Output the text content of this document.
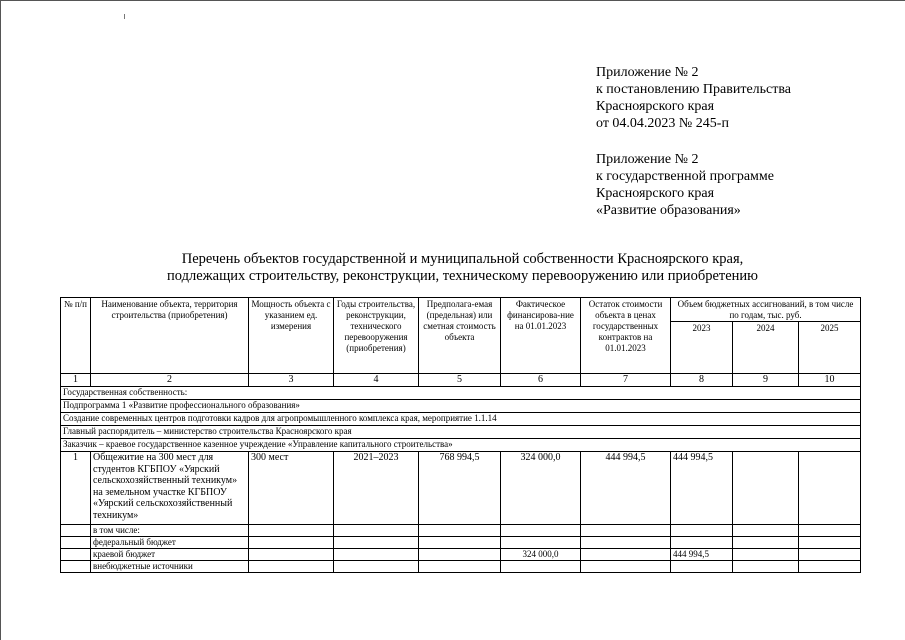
Приложение № 2
к постановлению Правительства
Красноярского края
от 04.04.2023 № 245-п
Приложение № 2
к государственной программе
Красноярского края
«Развитие образования»
Перечень объектов государственной и муниципальной собственности Красноярского края,
подлежащих строительству, реконструкции, техническому перевооружению или приобретению
№ п/п	Наименование объекта, территория строительства (приобретения)	Мощность объекта с указанием ед. измерения	Годы строительства, реконструкции, технического перевооружения (приобретения)	Предполага-емая (предельная) или сметная стоимость объекта	Фактическое финансирова-ние на 01.01.2023	Остаток стоимости объекта в ценах государственных контрактов на 01.01.2023	Объем бюджетных ассигнований, в том числе по годам, тыс. руб.		
							2023	2024	2025
1	2	3	4	5	6	7	8	9	10
Государственная собственность:									
Подпрограмма 1 «Развитие профессионального образования»									
Создание современных центров подготовки кадров для агропромышленного комплекса края, мероприятие 1.1.14									
Главный распорядитель – министерство строительства Красноярского края									
Заказчик – краевое государственное казенное учреждение «Управление капитального строительства»									
1	Общежитие на 300 мест для студентов КГБПОУ «Уярский сельскохозяйственный техникум» на земельном участке КГБПОУ «Уярский сельскохозяйственный техникум»	300 мест	2021–2023	768 994,5	324 000,0	444 994,5	444 994,5		
	в том числе:								
	федеральный бюджет								
	краевой бюджет				324 000,0		444 994,5		
	внебюджетные источники								
